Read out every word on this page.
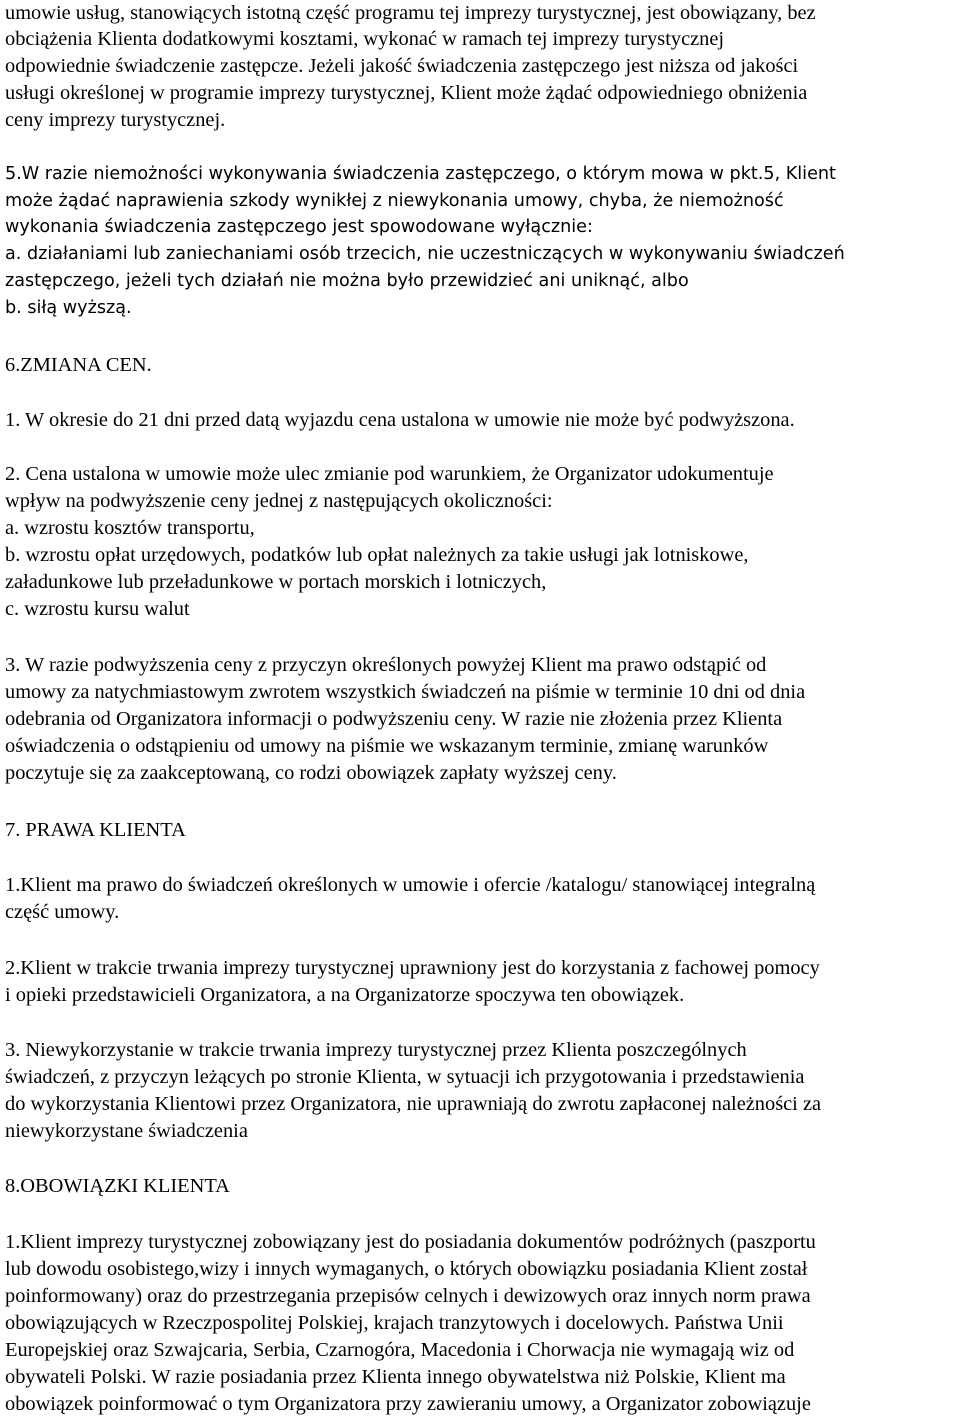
umowie usług, stanowiących istotną część programu tej imprezy turystycznej, jest obowiązany, bez

obciążenia Klienta dodatkowymi kosztami, wykonać w ramach tej imprezy turystycznej

odpowiednie świadczenie zastępcze. Jeżeli jakość świadczenia zastępczego jest niższa od jakości

usługi określonej w programie imprezy turystycznej, Klient może żądać odpowiedniego obniżenia

ceny imprezy turystycznej.

5.W razie niemożności wykonywania świadczenia zastępczego, o którym mowa w pkt.5, Klient

może żądać naprawienia szkody wynikłej z niewykonania umowy, chyba, że niemożność

wykonania świadczenia zastępczego jest spowodowane wyłącznie:

a. działaniami lub zaniechaniami osób trzecich, nie uczestniczących w wykonywaniu świadczeń

zastępczego, jeżeli tych działań nie można było przewidzieć ani uniknąć, albo

b. siłą wyższą.

6.ZMIANA CEN.

1. W okresie do 21 dni przed datą wyjazdu cena ustalona w umowie nie może być podwyższona.

2. Cena ustalona w umowie może ulec zmianie pod warunkiem, że Organizator udokumentuje

wpływ na podwyższenie ceny jednej z następujących okoliczności:

a. wzrostu kosztów transportu,

b. wzrostu opłat urzędowych, podatków lub opłat należnych za takie usługi jak lotniskowe,

załadunkowe lub przeładunkowe w portach morskich i lotniczych,

c. wzrostu kursu walut

3. W razie podwyższenia ceny z przyczyn określonych powyżej Klient ma prawo odstąpić od

umowy za natychmiastowym zwrotem wszystkich świadczeń na piśmie w terminie 10 dni od dnia

odebrania od Organizatora informacji o podwyższeniu ceny. W razie nie złożenia przez Klienta

oświadczenia o odstąpieniu od umowy na piśmie we wskazanym terminie, zmianę warunków

poczytuje się za zaakceptowaną, co rodzi obowiązek zapłaty wyższej ceny.

7. PRAWA KLIENTA

1.Klient ma prawo do świadczeń określonych w umowie i ofercie /katalogu/ stanowiącej integralną

część umowy.

2.Klient w trakcie trwania imprezy turystycznej uprawniony jest do korzystania z fachowej pomocy

i opieki przedstawicieli Organizatora, a na Organizatorze spoczywa ten obowiązek.

3. Niewykorzystanie w trakcie trwania imprezy turystycznej przez Klienta poszczególnych

świadczeń, z przyczyn leżących po stronie Klienta, w sytuacji ich przygotowania i przedstawienia

do wykorzystania Klientowi przez Organizatora, nie uprawniają do zwrotu zapłaconej należności za

niewykorzystane świadczenia

8.OBOWIĄZKI KLIENTA

1.Klient imprezy turystycznej zobowiązany jest do posiadania dokumentów podróżnych (paszportu

lub dowodu osobistego,wizy i innych wymaganych, o których obowiązku posiadania Klient został

poinformowany) oraz do przestrzegania przepisów celnych i dewizowych oraz innych norm prawa

obowiązujących w Rzeczpospolitej Polskiej, krajach tranzytowych i docelowych. Państwa Unii

Europejskiej oraz Szwajcaria, Serbia, Czarnogóra, Macedonia i Chorwacja nie wymagają wiz od

obywateli Polski. W razie posiadania przez Klienta innego obywatelstwa niż Polskie, Klient ma

obowiązek poinformować o tym Organizatora przy zawieraniu umowy, a Organizator zobowiązuje
